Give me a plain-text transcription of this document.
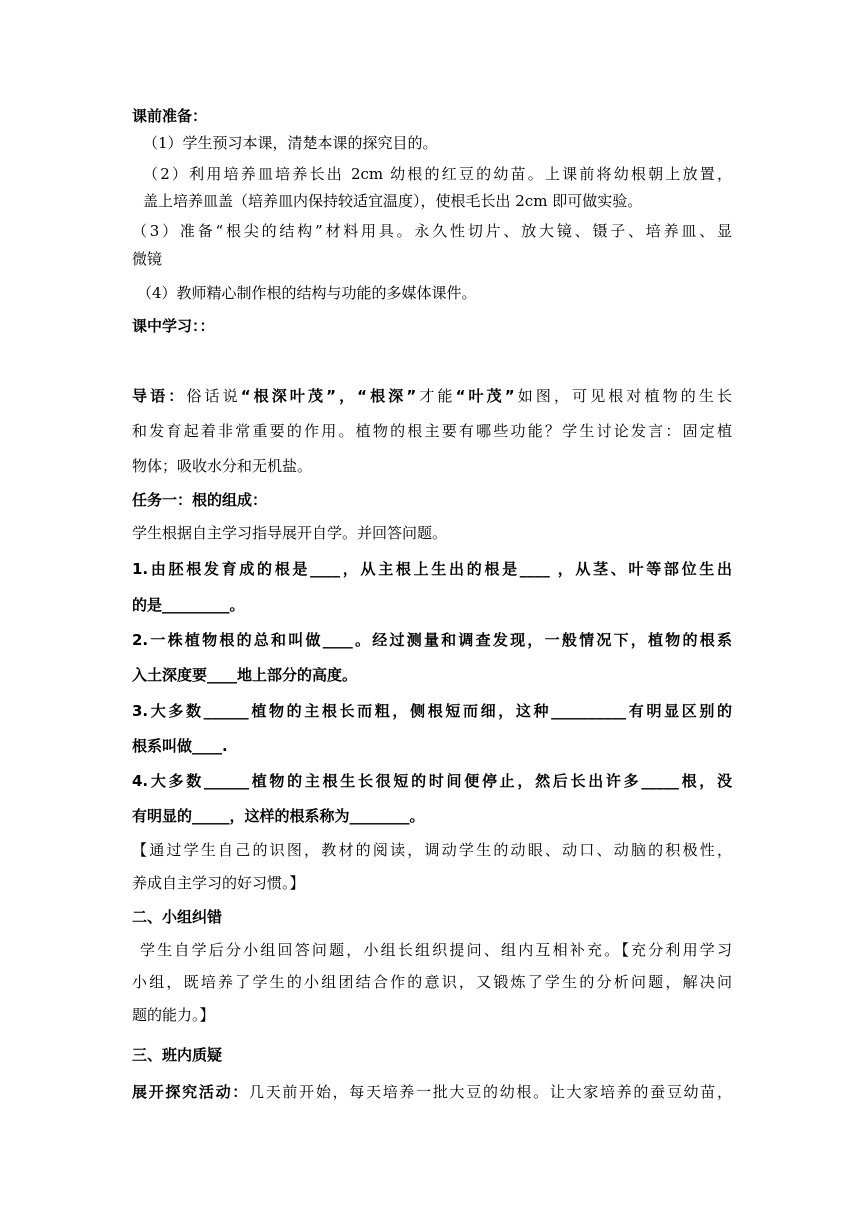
课前准备：
（1）学生预习本课，清楚本课的探究目的。
（2）利用培养皿培养长出 2cm 幼根的红豆的幼苗。上课前将幼根朝上放置，
盖上培养皿盖（培养皿内保持较适宜温度），使根毛长出 2cm 即可做实验。
（3）准备“根尖的结构”材料用具。永久性切片、放大镜、镊子、培养皿、显
微镜
（4）教师精心制作根的结构与功能的多媒体课件。
课中学习：：
导语：俗话说“根深叶茂”，“根深”才能“叶茂”如图，可见根对植物的生长
和发育起着非常重要的作用。植物的根主要有哪些功能？学生讨论发言：固定植
物体；吸收水分和无机盐。
任务一：根的组成：
学生根据自主学习指导展开自学。并回答问题。
1.由胚根发育成的根是____，从主根上生出的根是____ ，从茎、叶等部位生出
的是_________。
2.一株植物根的总和叫做____。经过测量和调查发现，一般情况下，植物的根系
入土深度要____地上部分的高度。
3.大多数______植物的主根长而粗，侧根短而细，这种__________有明显区别的
根系叫做____.
4.大多数______植物的主根生长很短的时间便停止，然后长出许多_____根，没
有明显的_____，这样的根系称为________。
【通过学生自己的识图，教材的阅读，调动学生的动眼、动口、动脑的积极性，
养成自主学习的好习惯。】
二、小组纠错
学生自学后分小组回答问题，小组长组织提问、组内互相补充。【充分利用学习
小组，既培养了学生的小组团结合作的意识，又锻炼了学生的分析问题，解决问
题的能力。】
三、班内质疑
展开探究活动：几天前开始，每天培养一批大豆的幼根。让大家培养的蚕豆幼苗，
